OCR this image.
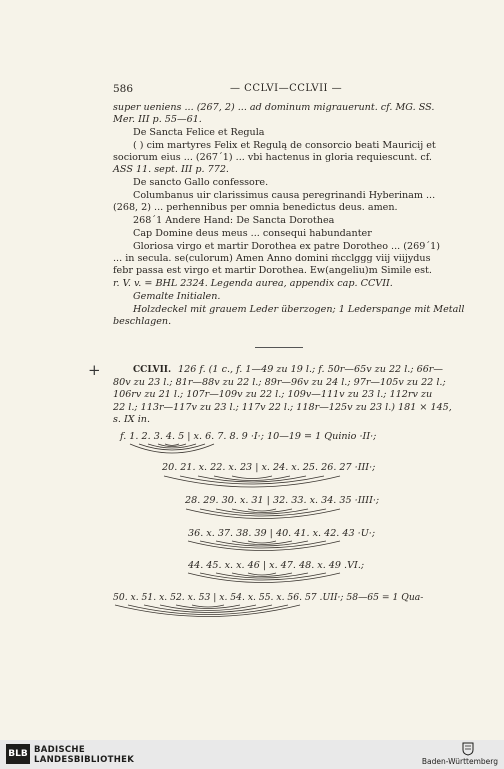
586	— CCLVI—CCLVII —
super ueniens ... (267, 2) ... ad dominum migrauerunt. cf. MG. SS.
Mer. III p. 55—61.
De Sancta Felice et Regula
( ) cim martyres Felix et Regulą de consorcio beati Mauricij et
sociorum eius ... (267´1) ... vbi hactenus in gloria requiescunt. cf.
ASS 11. sept. III p. 772.
De sancto Gallo confessore.
Columbanus uir clarissimus causa peregrinandi Hyberinam ...
(268, 2) ... perhennibus per omnia benedictus deus. amen.
268´1 Andere Hand: De Sancta Dorothea
Cap Domine deus meus ... consequi habundanter
Gloriosa virgo et martir Dorothea ex patre Dorotheo ... (269´1)
... in secula. se(culorum) Amen Anno domini ṁcclggg viij viijydus
febr passa est virgo et martir Dorothea. Ew(angeliu)m Simile est.
r. V. v. = BHL 2324. Legenda aurea, appendix cap. CCVII.
Gemalte Initialen.
Holzdeckel mit grauem Leder überzogen; 1 Lederspange mit Metall
beschlagen.
+	CCLVII. 126 f. (1 c., f. 1—49 zu 19 l.; f. 50r—65v zu 22 l.; 66r—
80v zu 23 l.; 81r—88v zu 22 l.; 89r—96v zu 24 l.; 97r—105v zu 22 l.;
106rv zu 21 l.; 107r—109v zu 22 l.; 109v—111v zu 23 l.; 112rv zu
22 l.; 113r—117v zu 23 l.; 117v 22 l.; 118r—125v zu 23 l.) 181 ⨯ 145,
s. IX in.
f. 1. 2. 3. 4. 5 | x. 6. 7. 8. 9 ·I·; 10—19 = 1 Quinio ·II·;
20. 21. x. 22. x. 23 | x. 24. x. 25. 26. 27 ·III·;
28. 29. 30. x. 31 | 32. 33. x. 34. 35 ·IIII·;
36. x. 37. 38. 39 | 40. 41. x. 42. 43 ·U·;
44. 45. x. x. 46 | x. 47. 48. x. 49 .VI.;
50. x. 51. x. 52. x. 53 | x. 54. x. 55. x. 56. 57 .UII·; 58—65 = 1 Qua-
BLB BADISCHE
LANDESBIBLIOTHEK	Baden-Württemberg
